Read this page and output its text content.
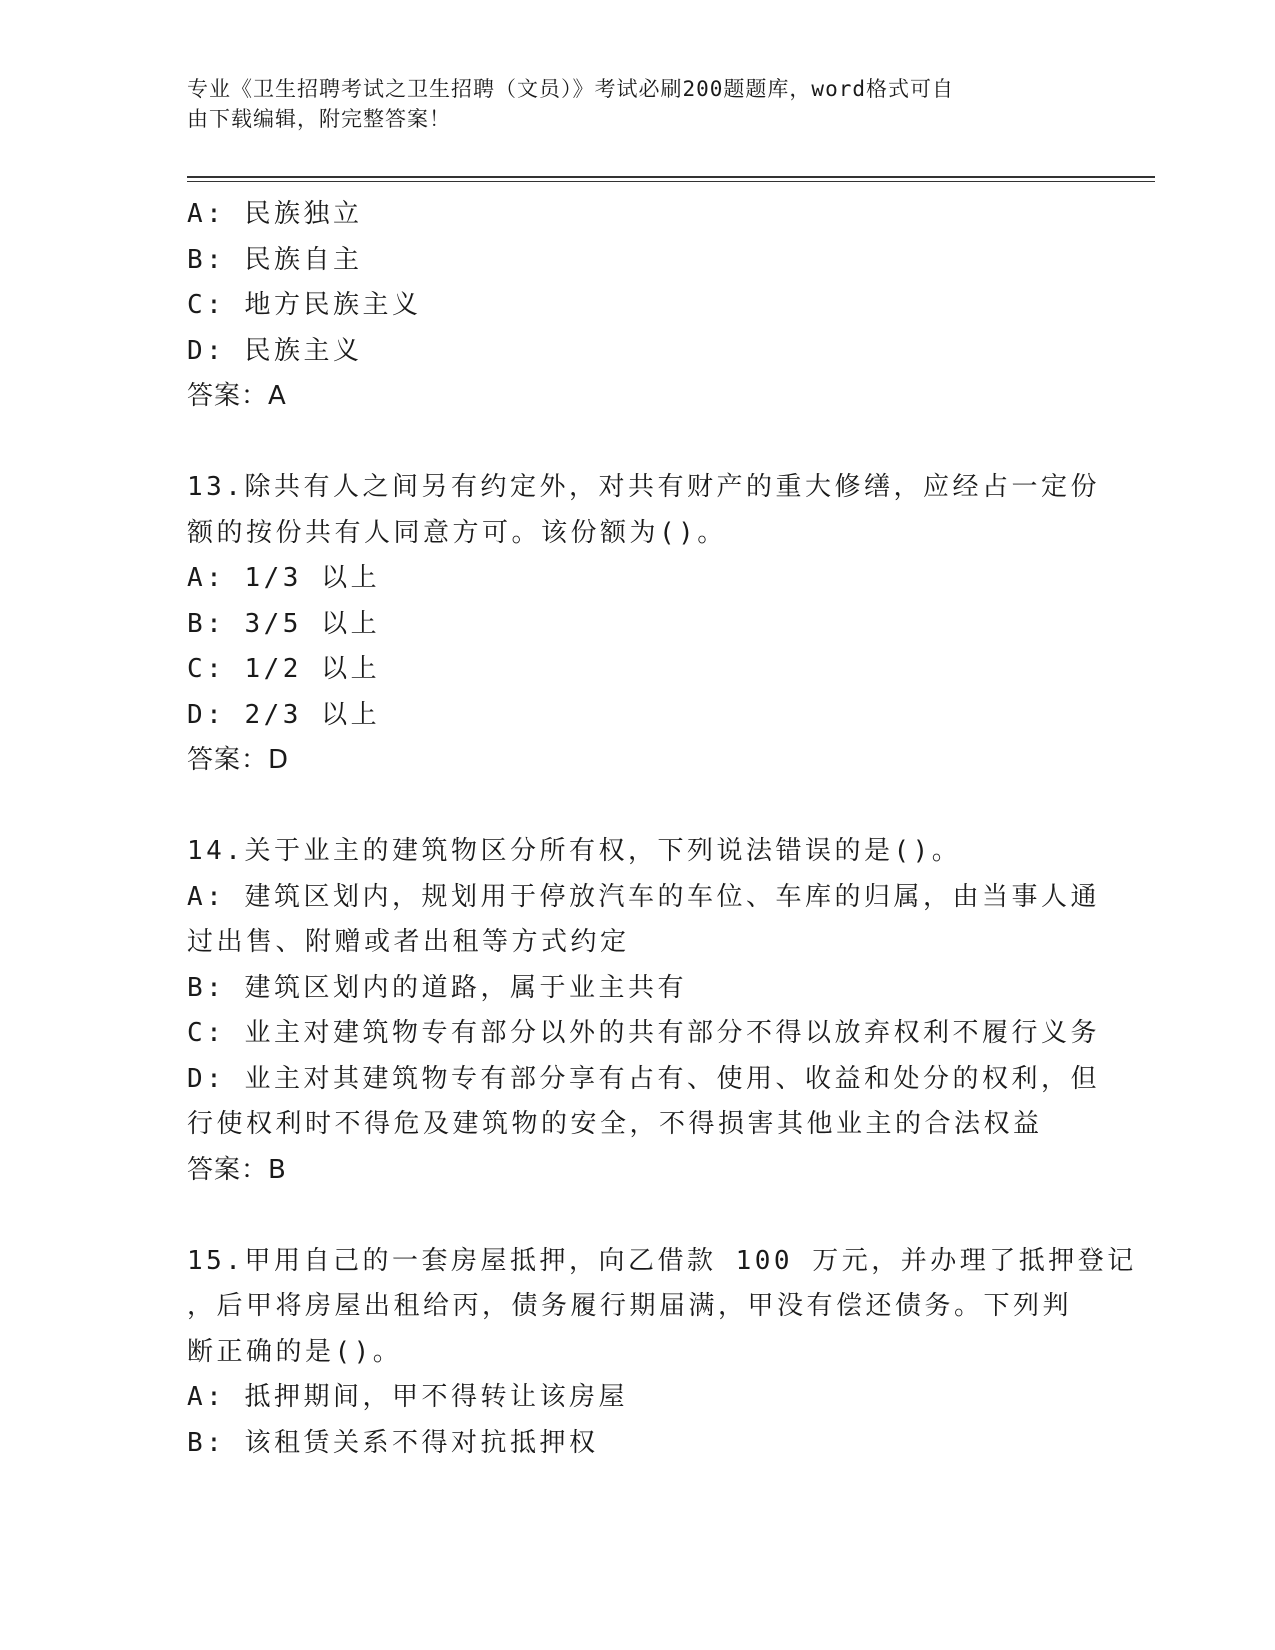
专业《卫生招聘考试之卫生招聘（文员）》考试必刷200题题库，word格式可自
由下载编辑，附完整答案！
A: 民族独立
B: 民族自主
C: 地方民族主义
D: 民族主义
答案：A
13.除共有人之间另有约定外，对共有财产的重大修缮，应经占一定份
额的按份共有人同意方可。该份额为()。
A: 1/3 以上
B: 3/5 以上
C: 1/2 以上
D: 2/3 以上
答案：D
14.关于业主的建筑物区分所有权，下列说法错误的是()。
A: 建筑区划内，规划用于停放汽车的车位、车库的归属，由当事人通
过出售、附赠或者出租等方式约定
B: 建筑区划内的道路，属于业主共有
C: 业主对建筑物专有部分以外的共有部分不得以放弃权利不履行义务
D: 业主对其建筑物专有部分享有占有、使用、收益和处分的权利，但
行使权利时不得危及建筑物的安全，不得损害其他业主的合法权益
答案：B
15.甲用自己的一套房屋抵押，向乙借款 100 万元，并办理了抵押登记
，后甲将房屋出租给丙，债务履行期届满，甲没有偿还债务。下列判
断正确的是()。
A: 抵押期间，甲不得转让该房屋
B: 该租赁关系不得对抗抵押权
